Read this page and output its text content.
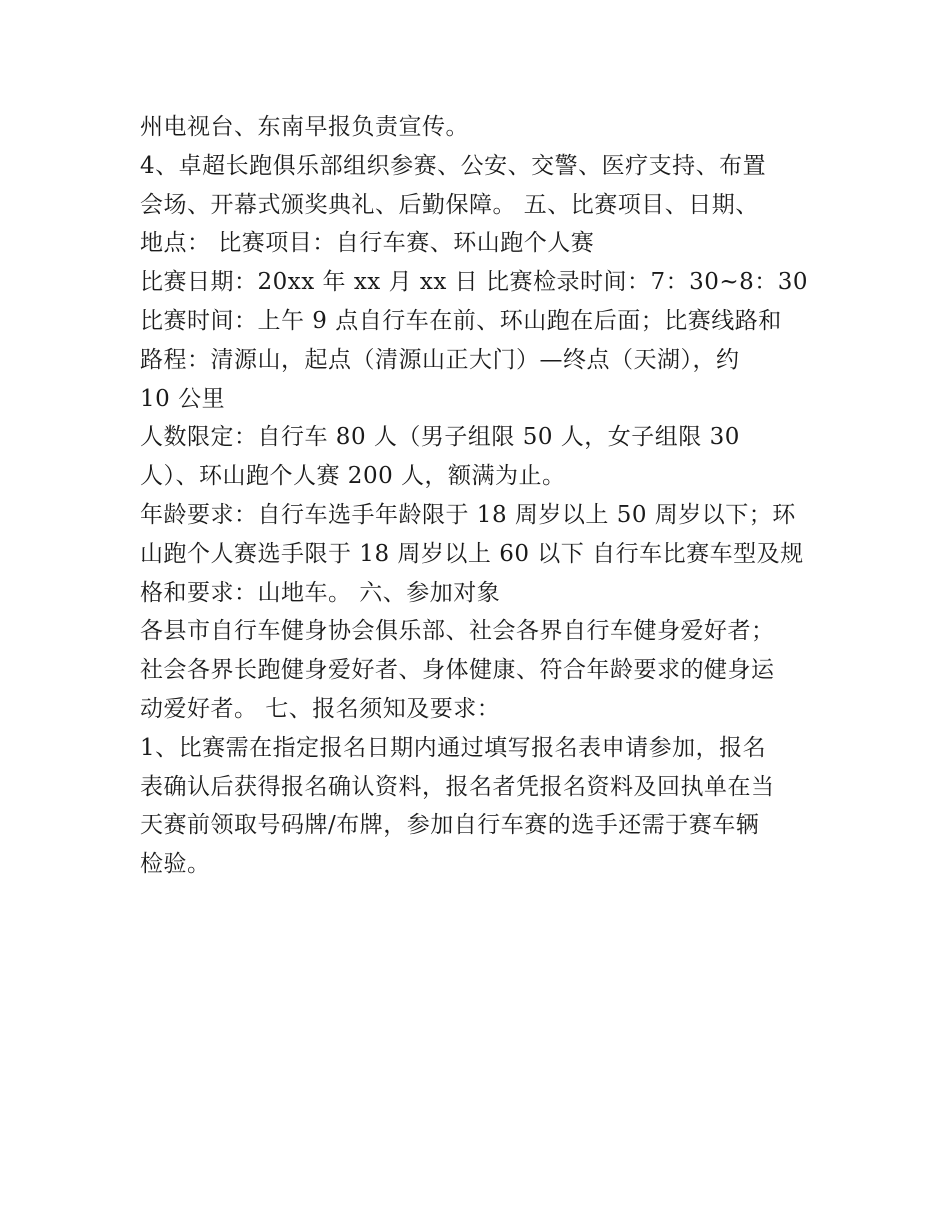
州电视台、东南早报负责宣传。
4、卓超长跑俱乐部组织参赛、公安、交警、医疗支持、布置
会场、开幕式颁奖典礼、后勤保障。 五、比赛项目、日期、
地点： 比赛项目：自行车赛、环山跑个人赛
比赛日期：20xx 年 xx 月 xx 日 比赛检录时间：7：30~8：30
比赛时间：上午 9 点自行车在前、环山跑在后面；比赛线路和
路程：清源山，起点（清源山正大门）—终点（天湖），约
10 公里
人数限定：自行车 80 人（男子组限 50 人，女子组限 30
人）、环山跑个人赛 200 人，额满为止。
年龄要求：自行车选手年龄限于 18 周岁以上 50 周岁以下；环
山跑个人赛选手限于 18 周岁以上 60 以下 自行车比赛车型及规
格和要求：山地车。 六、参加对象
各县市自行车健身协会俱乐部、社会各界自行车健身爱好者；
社会各界长跑健身爱好者、身体健康、符合年龄要求的健身运
动爱好者。 七、报名须知及要求：
1、比赛需在指定报名日期内通过填写报名表申请参加，报名
表确认后获得报名确认资料，报名者凭报名资料及回执单在当
天赛前领取号码牌/布牌，参加自行车赛的选手还需于赛车辆
检验。
